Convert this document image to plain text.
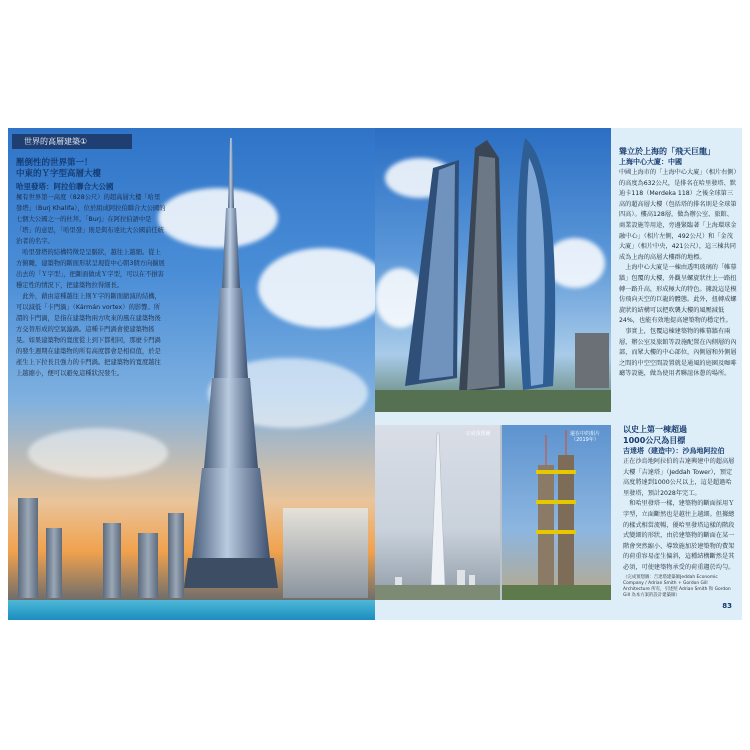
世界的高層建築①
壓倒性的世界第一！
中東的Ｙ字型高層大樓
哈里發塔：阿拉伯聯合大公國

擁有世界第一高度（828公尺）的超高層大樓「哈里發塔」（Burj Khalifa），位於組成阿拉伯聯合大公國的七個大公國之一的杜拜。「Burj」在阿拉伯語中是「塔」的意思，「哈里發」則是與布達比大公國前任統治者的名字。

哈里發塔的結構特徵是呈脹狀，越往上越細。從上方俯瞰，建築物的斷面形狀呈現從中心朝3個方向擴展出去的「Ｙ字型」，把斷面做成Ｙ字型，可以在不損害穩定性的情況下，把建築物拉得細長。

此外，藉由這種越往上則Ｙ字的斷面縮減的結構，可以減低「卡門渦」（Kármán vortex）的影響。所謂的卡門渦，是指在建築物兩方吹來的風在建築物後方交替形成的空氣漩渦。這種卡門渦會使建築物搖晃。如果建築物的寬度從上到下都相同，那麼卡門渦的發生週期在建築物的所有高度都會是相似值，於是產生上下拉長且強力的卡門渦。把建築物的寬度越往上越縮小，便可以避免這種狀況發生。

聳立於上海的「飛天巨龍」
上海中心大廈：中國

中國上海市的「上海中心大廈」（相片右側）的高度為632公尺，是排名在哈里發塔、默迪卡118（Merdeka 118）之後全球第三高的超高層大樓（包括塔的排名則是全球第四高）。樓高128層，做為辦公室、旅館、商業設施等用途，旁邊緊臨著「上海環球金融中心」（相片左側，492公尺）和「金茂大廈」（相片中央，421公尺），這三棟共同成為上海的高層大樓群的地標。

上海中心大廈是一棟由透明玻璃的「帷幕牆」包覆的大樓，外觀呈螺旋狀往上一路扭轉一路升高，形成極大的特色。據說這是模仿飛向天空的巨龍的體態。此外，扭轉成螺旋狀的結構可以把吹襲大樓的風壓減低24%，也能有效地提高建築物的穩定性。

事實上，包覆這棟建築物的帷幕牆有兩層，辦公室及旅館等設施配置在內側層的內部，而眾大樓的中心部位，內側層和外側層之間的中空空間設置就是通風的庭園及咖啡廳等設施，做為使用者聯誼休憩的場所。

完成預想圖	還在中的相片（2019年）
以史上第一棟超過
1000公尺為目標
吉達塔（建造中）：沙烏地阿拉伯

正在沙烏地阿拉伯的吉達興建中的超高層大樓「吉達塔」（Jeddah Tower），預定高度將達到1000公尺以上，這是超過哈里發塔，預計2028年完工。

和哈里發塔一樣，建築物的斷面採用Ｙ字型，立面斷然也是越往上越細。但據總的樣式相當流暢，優哈里發塔這樣的階段式變細的形狀，由於建築物的斷面在某一階會突然縮小，導致施加於建築物的費架的荷重容易產生偏斜，這種結構斷然是其必須，可使建築物承受的荷重趨於均勻。

（完成預想圖：吉達塔建築師Jeddah Economic Company / Adrian Smith + Gordon Gill Architecture 所有，引述照 Adrian Smith 和 Gordon Gill 為本方案的設計建築師）
83
